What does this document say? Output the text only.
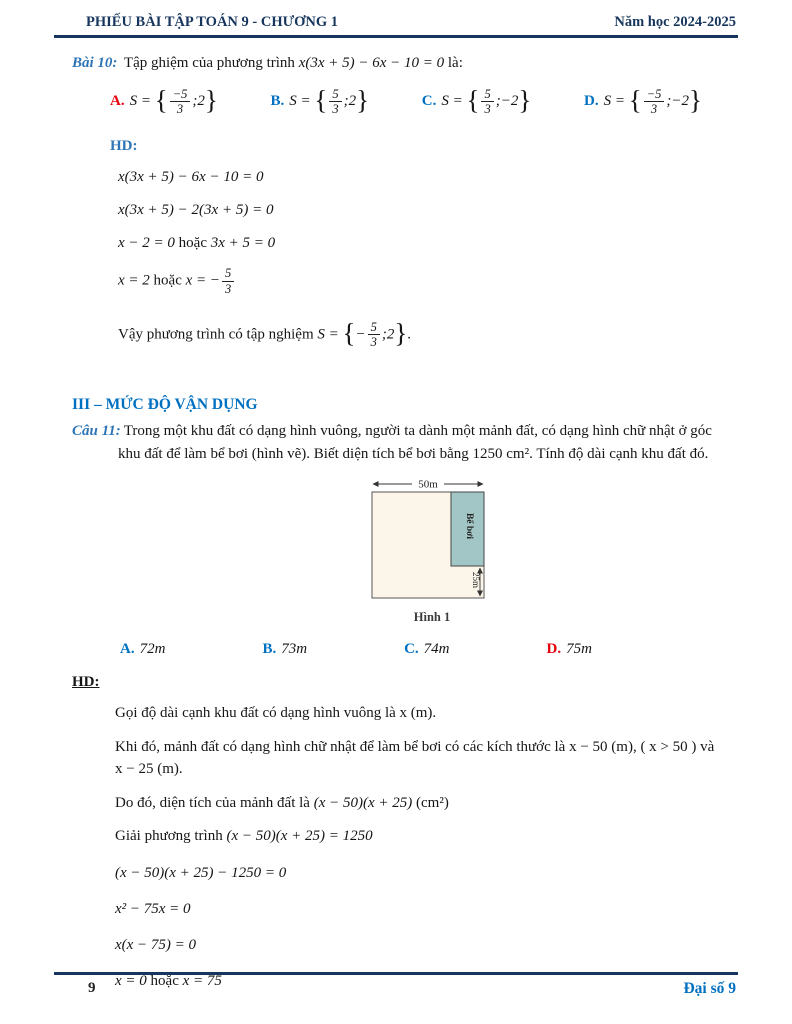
PHIẾU BÀI TẬP TOÁN 9 - CHƯƠNG 1	Năm học 2024-2025

Bài 10: Tập ghiệm của phương trình x(3x + 5) − 6x − 10 = 0 là:

A. S = { $\frac{-5}{3}$ ;2}	B. S = { $\frac{5}{3}$ ;2}	C. S = { $\frac{5}{3}$ ;−2}	D. S = { $\frac{-5}{3}$ ;−2}
HD:
x(3x + 5) − 6x − 10 = 0
x(3x + 5) − 2(3x + 5) = 0
x − 2 = 0 hoặc 3x + 5 = 0
x = 2 hoặc x = − $\frac{5}{3}$
Vậy phương trình có tập nghiệm S = {− $\frac{5}{3}$ ;2}.
III – MỨC ĐỘ VẬN DỤNG

Câu 11: Trong một khu đất có dạng hình vuông, người ta dành một mảnh đất, có dạng hình chữ nhật ở góc khu đất để làm bể bơi (hình vẽ). Biết diện tích bể bơi bằng 1250 cm². Tính độ dài cạnh khu đất đó.

50m
Bể bơi
25m
Hình 1
A. 72m	B. 73m	C. 74m	D. 75m
HD:
Gọi độ dài cạnh khu đất có dạng hình vuông là x (m).
Khi đó, mảnh đất có dạng hình chữ nhật để làm bể bơi có các kích thước là x − 50 (m), ( x > 50 ) và
x − 25 (m).
Do đó, diện tích của mảnh đất là (x − 50)(x + 25) (cm²)
Giải phương trình (x − 50)(x + 25) = 1250
(x − 50)(x + 25) − 1250 = 0
x² − 75x = 0
x(x − 75) = 0
x = 0 hoặc x = 75
9	Đại số 9
